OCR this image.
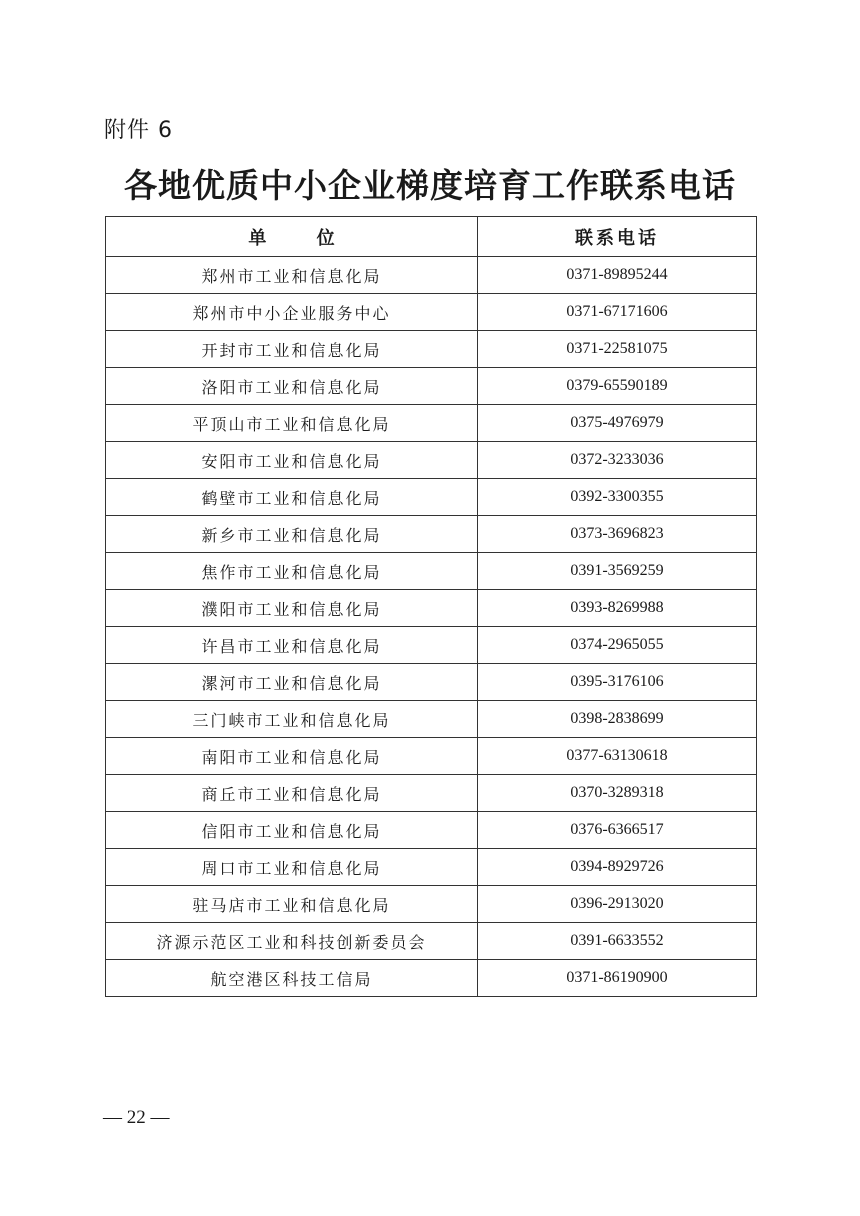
附件 6
各地优质中小企业梯度培育工作联系电话
单 位	联系电话
郑州市工业和信息化局	0371-89895244
郑州市中小企业服务中心	0371-67171606
开封市工业和信息化局	0371-22581075
洛阳市工业和信息化局	0379-65590189
平顶山市工业和信息化局	0375-4976979
安阳市工业和信息化局	0372-3233036
鹤壁市工业和信息化局	0392-3300355
新乡市工业和信息化局	0373-3696823
焦作市工业和信息化局	0391-3569259
濮阳市工业和信息化局	0393-8269988
许昌市工业和信息化局	0374-2965055
漯河市工业和信息化局	0395-3176106
三门峡市工业和信息化局	0398-2838699
南阳市工业和信息化局	0377-63130618
商丘市工业和信息化局	0370-3289318
信阳市工业和信息化局	0376-6366517
周口市工业和信息化局	0394-8929726
驻马店市工业和信息化局	0396-2913020
济源示范区工业和科技创新委员会	0391-6633552
航空港区科技工信局	0371-86190900
— 22 —
